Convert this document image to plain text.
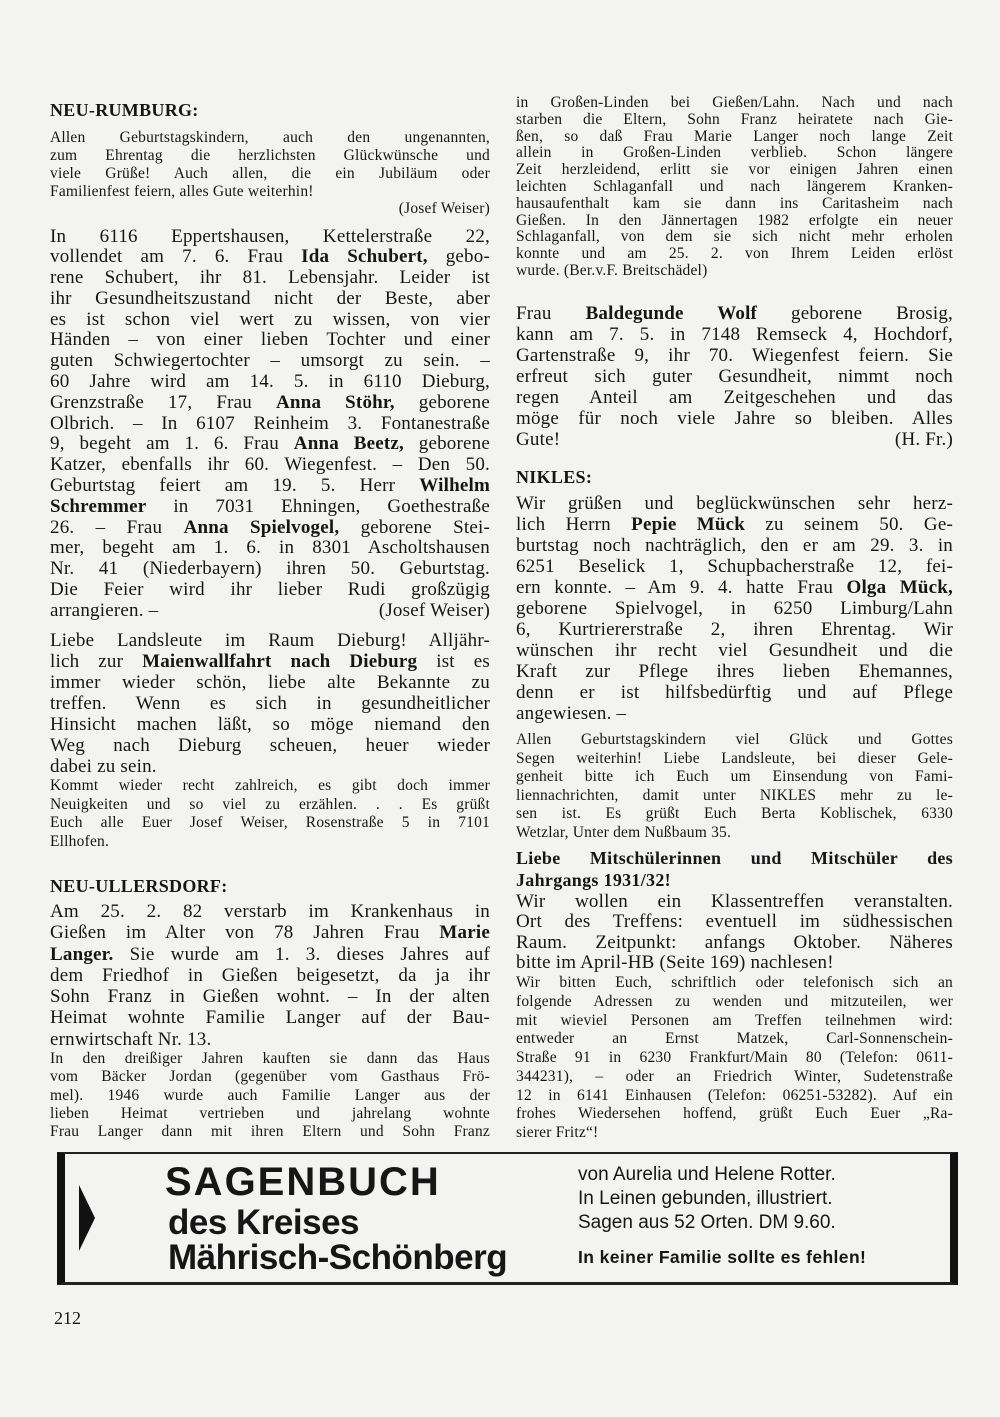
NEU-RUMBURG:
Allen Geburtstagskindern, auch den ungenannten,
zum Ehrentag die herzlichsten Glückwünsche und
viele Grüße! Auch allen, die ein Jubiläum oder
Familienfest feiern, alles Gute weiterhin!
(Josef Weiser)
In 6116 Eppertshausen, Kettelerstraße 22,
vollendet am 7. 6. Frau Ida Schubert, gebo-
rene Schubert, ihr 81. Lebensjahr. Leider ist
ihr Gesundheitszustand nicht der Beste, aber
es ist schon viel wert zu wissen, von vier
Händen – von einer lieben Tochter und einer
guten Schwiegertochter – umsorgt zu sein. –
60 Jahre wird am 14. 5. in 6110 Dieburg,
Grenzstraße 17, Frau Anna Stöhr, geborene
Olbrich. – In 6107 Reinheim 3. Fontanestraße
9, begeht am 1. 6. Frau Anna Beetz, geborene
Katzer, ebenfalls ihr 60. Wiegenfest. – Den 50.
Geburtstag feiert am 19. 5. Herr Wilhelm
Schremmer in 7031 Ehningen, Goethestraße
26. – Frau Anna Spielvogel, geborene Stei-
mer, begeht am 1. 6. in 8301 Ascholtshausen
Nr. 41 (Niederbayern) ihren 50. Geburtstag.
Die Feier wird ihr lieber Rudi großzügig
arrangieren. –	(Josef Weiser)
Liebe Landsleute im Raum Dieburg! Alljähr-
lich zur Maienwallfahrt nach Dieburg ist es
immer wieder schön, liebe alte Bekannte zu
treffen. Wenn es sich in gesundheitlicher
Hinsicht machen läßt, so möge niemand den
Weg nach Dieburg scheuen, heuer wieder
dabei zu sein.
Kommt wieder recht zahlreich, es gibt doch immer
Neuigkeiten und so viel zu erzählen. . . Es grüßt
Euch alle Euer Josef Weiser, Rosenstraße 5 in 7101
Ellhofen.
NEU-ULLERSDORF:
Am 25. 2. 82 verstarb im Krankenhaus in
Gießen im Alter von 78 Jahren Frau Marie
Langer. Sie wurde am 1. 3. dieses Jahres auf
dem Friedhof in Gießen beigesetzt, da ja ihr
Sohn Franz in Gießen wohnt. – In der alten
Heimat wohnte Familie Langer auf der Bau-
ernwirtschaft Nr. 13.
In den dreißiger Jahren kauften sie dann das Haus
vom Bäcker Jordan (gegenüber vom Gasthaus Frö-
mel). 1946 wurde auch Familie Langer aus der
lieben Heimat vertrieben und jahrelang wohnte
Frau Langer dann mit ihren Eltern und Sohn Franz
in Großen-Linden bei Gießen/Lahn. Nach und nach
starben die Eltern, Sohn Franz heiratete nach Gie-
ßen, so daß Frau Marie Langer noch lange Zeit
allein in Großen-Linden verblieb. Schon längere
Zeit herzleidend, erlitt sie vor einigen Jahren einen
leichten Schlaganfall und nach längerem Kranken-
hausaufenthalt kam sie dann ins Caritasheim nach
Gießen. In den Jännertagen 1982 erfolgte ein neuer
Schlaganfall, von dem sie sich nicht mehr erholen
konnte und am 25. 2. von Ihrem Leiden erlöst
wurde. (Ber.v.F. Breitschädel)
Frau Baldegunde Wolf geborene Brosig,
kann am 7. 5. in 7148 Remseck 4, Hochdorf,
Gartenstraße 9, ihr 70. Wiegenfest feiern. Sie
erfreut sich guter Gesundheit, nimmt noch
regen Anteil am Zeitgeschehen und das
möge für noch viele Jahre so bleiben. Alles
Gute!	(H. Fr.)
NIKLES:
Wir grüßen und beglückwünschen sehr herz-
lich Herrn Pepie Mück zu seinem 50. Ge-
burtstag noch nachträglich, den er am 29. 3. in
6251 Beselick 1, Schupbacherstraße 12, fei-
ern konnte. – Am 9. 4. hatte Frau Olga Mück,
geborene Spielvogel, in 6250 Limburg/Lahn
6, Kurtriererstraße 2, ihren Ehrentag. Wir
wünschen ihr recht viel Gesundheit und die
Kraft zur Pflege ihres lieben Ehemannes,
denn er ist hilfsbedürftig und auf Pflege
angewiesen. –
Allen Geburtstagskindern viel Glück und Gottes
Segen weiterhin! Liebe Landsleute, bei dieser Gele-
genheit bitte ich Euch um Einsendung von Fami-
liennachrichten, damit unter NIKLES mehr zu le-
sen ist. Es grüßt Euch Berta Koblischek, 6330
Wetzlar, Unter dem Nußbaum 35.
Liebe Mitschülerinnen und Mitschüler des
Jahrgangs 1931/32!
Wir wollen ein Klassentreffen veranstalten.
Ort des Treffens: eventuell im südhessischen
Raum. Zeitpunkt: anfangs Oktober. Näheres
bitte im April-HB (Seite 169) nachlesen!
Wir bitten Euch, schriftlich oder telefonisch sich an
folgende Adressen zu wenden und mitzuteilen, wer
mit wieviel Personen am Treffen teilnehmen wird:
entweder an Ernst Matzek, Carl-Sonnenschein-
Straße 91 in 6230 Frankfurt/Main 80 (Telefon: 0611-
344231), – oder an Friedrich Winter, Sudetenstraße
12 in 6141 Einhausen (Telefon: 06251-53282). Auf ein
frohes Wiedersehen hoffend, grüßt Euch Euer „Ra-
sierer Fritz“!
SAGENBUCH
des Kreises
Mährisch-Schönberg
von Aurelia und Helene Rotter.
In Leinen gebunden, illustriert.
Sagen aus 52 Orten. DM 9.60.
In keiner Familie sollte es fehlen!
212
